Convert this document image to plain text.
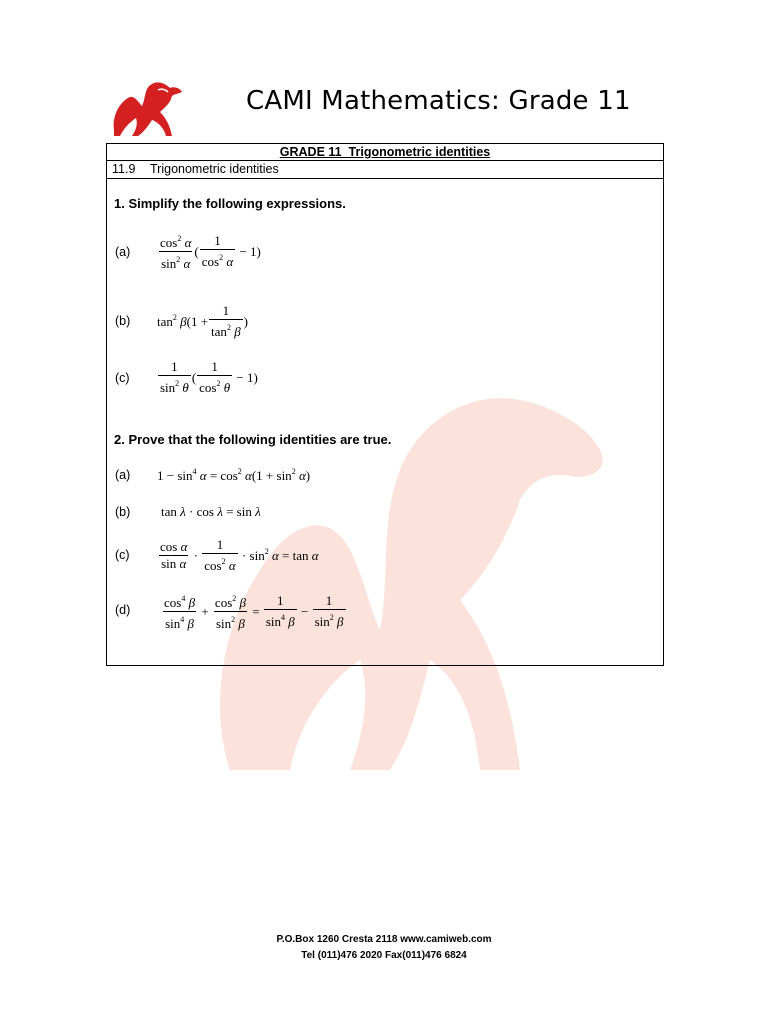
CAMI Mathematics: Grade 11
GRADE 11_Trigonometric identities
11.9 Trigonometric identities
1. Simplify the following expressions.
$(a) \frac{\cos^2 \alpha}{\sin^2 \alpha}$ ( $\frac{1}{\cos^2 \alpha} - 1$)
(b) $\tan^2 \beta(1 + \frac{1}{\tan^2 \beta}$ )
$(c) \frac{1}{\sin^2 \theta}$ ( $\frac{1}{\cos^2 \theta} - 1$)
2. Prove that the following identities are true.
(a) $1 - \sin^4 \alpha = \cos^2 \alpha(1 + \sin^2 \alpha)$
(b) tan λ · cos λ = sin λ
$(c) \frac{\text{cos α}}{\text{sin α}} \cdot \frac{1}{\cos^2 \alpha} \cdot \sin^2 \alpha = \tan \alpha$
$(d) \frac{\cos^4 \beta}{\sin^4 \beta} + \frac{\cos^2 \beta}{\sin^2 \beta} = \frac{1}{\sin^4 \beta} - \frac{1}{\sin^2 \beta}$
P.O.Box 1260 Cresta 2118 www.camiweb.com
Tel (011)476 2020 Fax(011)476 6824
